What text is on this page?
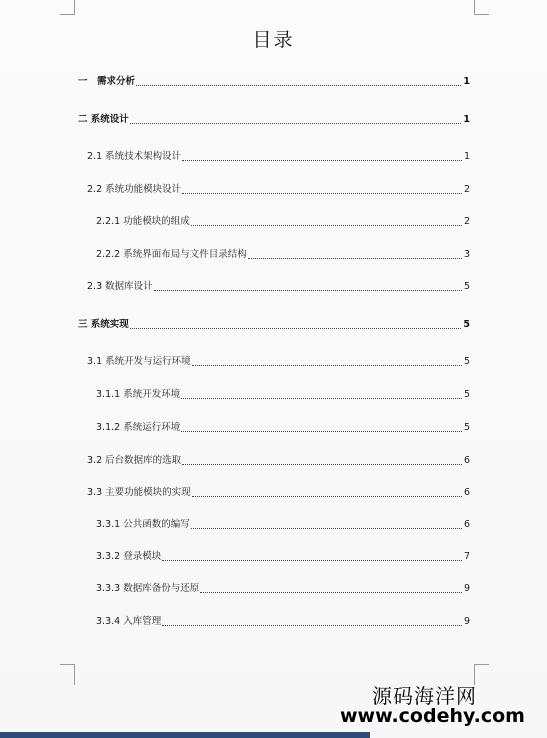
目录
一　需求分析	1
二 系统设计	1
2.1 系统技术架构设计	1
2.2 系统功能模块设计	2
2.2.1 功能模块的组成	2
2.2.2 系统界面布局与文件目录结构	3
2.3 数据库设计	5
三 系统实现	5
3.1 系统开发与运行环境	5
3.1.1 系统开发环境	5
3.1.2 系统运行环境	5
3.2 后台数据库的选取	6
3.3 主要功能模块的实现	6
3.3.1 公共函数的编写	6
3.3.2 登录模块	7
3.3.3 数据库备份与还原	9
3.3.4 入库管理	9
源码海洋网
www.codehy.com
